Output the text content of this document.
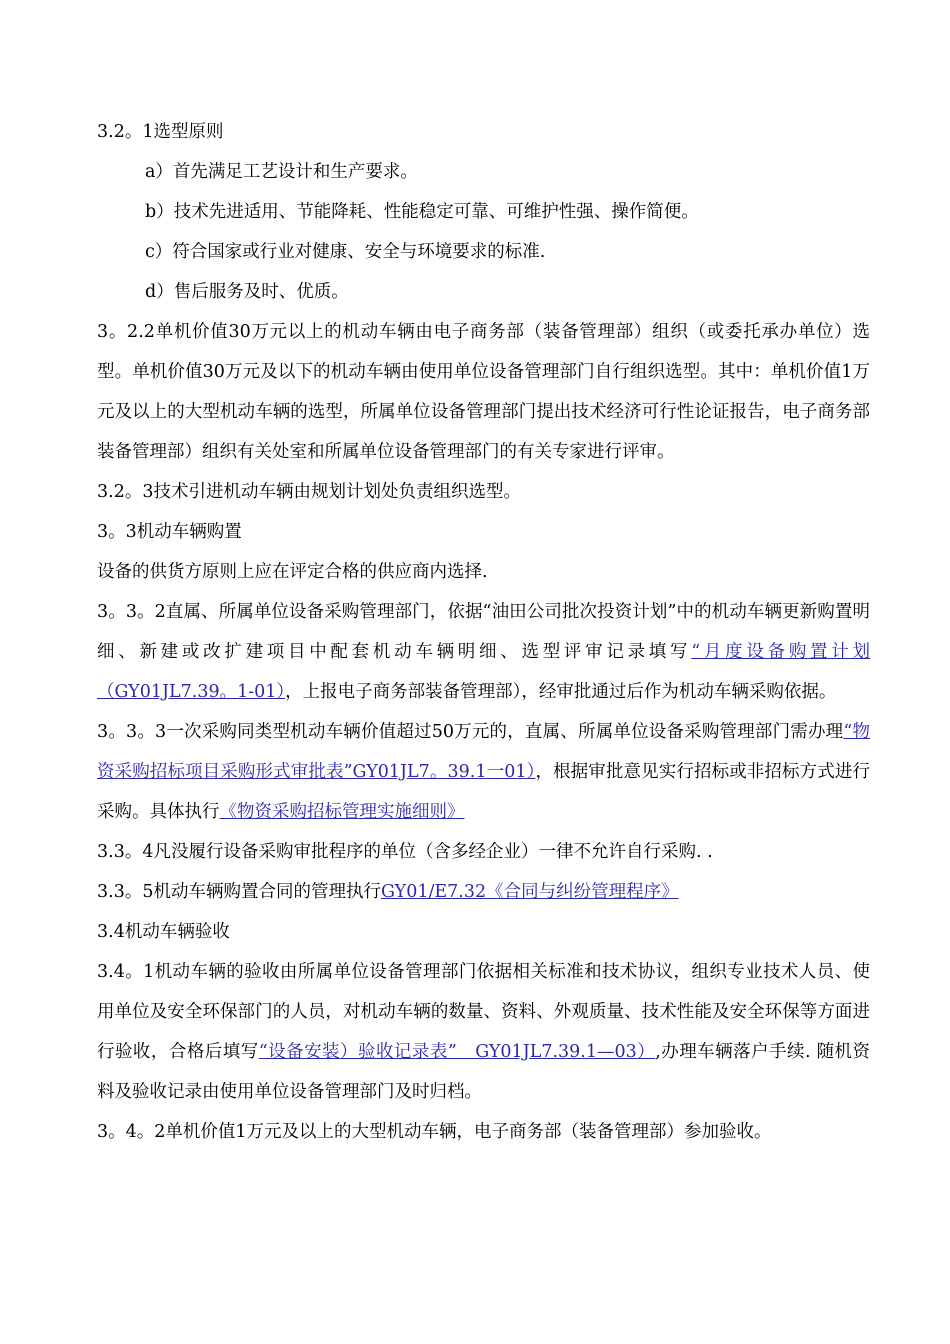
3.2。1选型原则

a）首先满足工艺设计和生产要求。

b）技术先进适用、节能降耗、性能稳定可靠、可维护性强、操作简便。

c）符合国家或行业对健康、安全与环境要求的标准.

d）售后服务及时、优质。

3。2.2单机价值30万元以上的机动车辆由电子商务部（装备管理部）组织（或委托承办单位）选型。单机价值30万元及以下的机动车辆由使用单位设备管理部门自行组织选型。其中：单机价值1万元及以上的大型机动车辆的选型，所属单位设备管理部门提出技术经济可行性论证报告，电子商务部装备管理部）组织有关处室和所属单位设备管理部门的有关专家进行评审。

3.2。3技术引进机动车辆由规划计划处负责组织选型。

3。3机动车辆购置

设备的供货方原则上应在评定合格的供应商内选择.

3。3。2直属、所属单位设备采购管理部门，依据“油田公司批次投资计划”中的机动车辆更新购置明细、新建或改扩建项目中配套机动车辆明细、选型评审记录填写“月度设备购置计划（GY01JL7.39。1-01），上报电子商务部装备管理部），经审批通过后作为机动车辆采购依据。

3。3。3一次采购同类型机动车辆价值超过50万元的，直属、所属单位设备采购管理部门需办理“物资采购招标项目采购形式审批表”GY01JL7。39.1一01），根据审批意见实行招标或非招标方式进行采购。具体执行《物资采购招标管理实施细则》

3.3。4凡没履行设备采购审批程序的单位（含多经企业）一律不允许自行采购. .

3.3。5机动车辆购置合同的管理执行GY01/E7.32《合同与纠纷管理程序》

3.4机动车辆验收

3.4。1机动车辆的验收由所属单位设备管理部门依据相关标准和技术协议，组织专业技术人员、使用单位及安全环保部门的人员，对机动车辆的数量、资料、外观质量、技术性能及安全环保等方面进行验收，合格后填写“设备安装）验收记录表”　GY01JL7.39.1—03）,办理车辆落户手续. 随机资料及验收记录由使用单位设备管理部门及时归档。

3。4。2单机价值1万元及以上的大型机动车辆，电子商务部（装备管理部）参加验收。
